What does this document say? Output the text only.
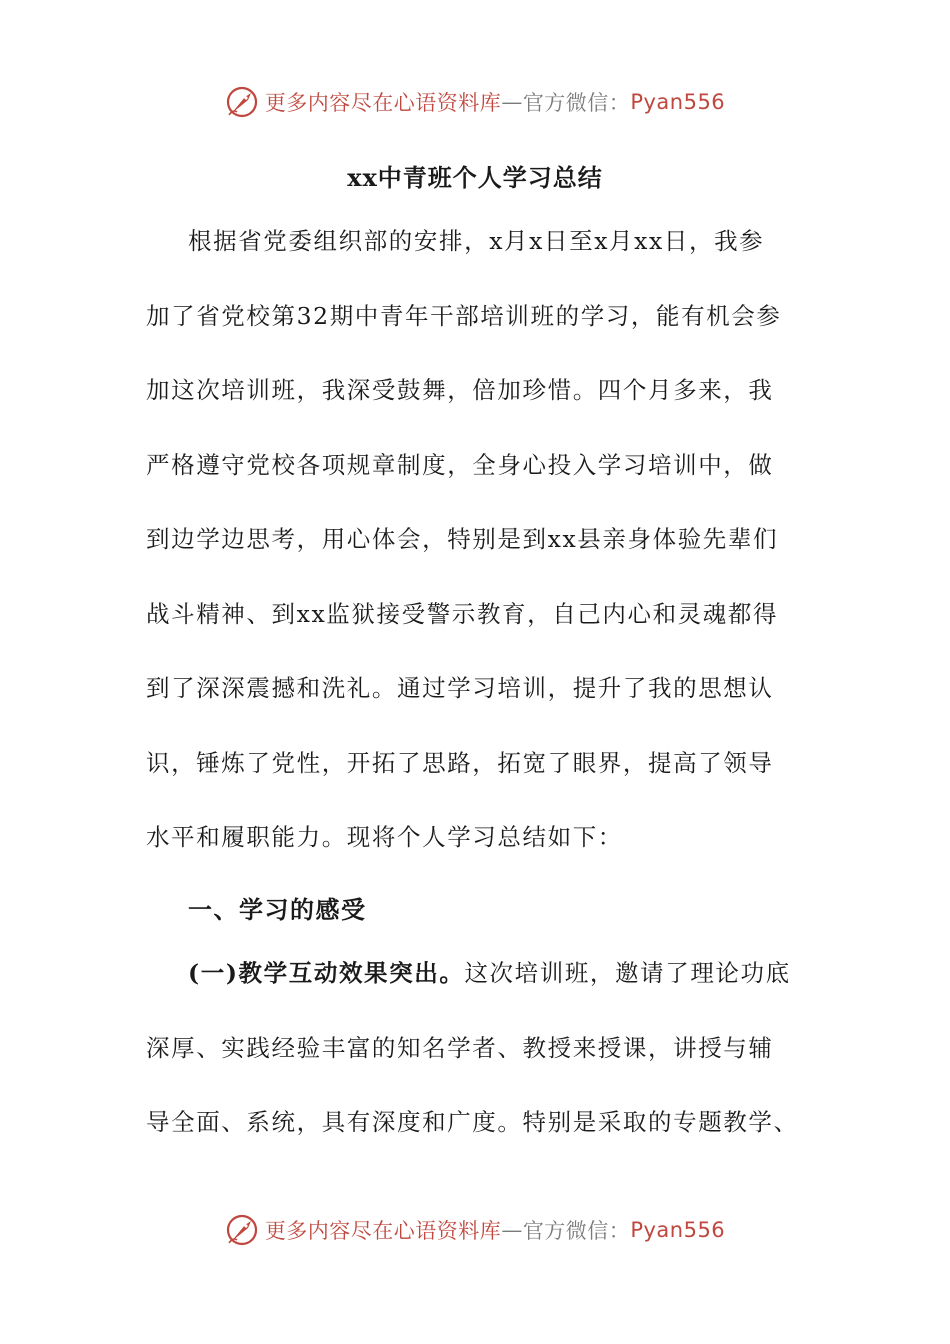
更多内容尽在心语资料库 — 官方微信： Pyan556
xx中青班个人学习总结
根据省党委组织部的安排，x月x日至x月xx日，我参
加了省党校第32期中青年干部培训班的学习，能有机会参
加这次培训班，我深受鼓舞，倍加珍惜。四个月多来，我
严格遵守党校各项规章制度，全身心投入学习培训中，做
到边学边思考，用心体会，特别是到xx县亲身体验先辈们
战斗精神、到xx监狱接受警示教育，自己内心和灵魂都得
到了深深震撼和洗礼。通过学习培训，提升了我的思想认
识，锤炼了党性，开拓了思路，拓宽了眼界，提高了领导
水平和履职能力。现将个人学习总结如下：
一、学习的感受
(一)教学互动效果突出。这次培训班，邀请了理论功底
深厚、实践经验丰富的知名学者、教授来授课，讲授与辅
导全面、系统，具有深度和广度。特别是采取的专题教学、
更多内容尽在心语资料库 — 官方微信： Pyan556
